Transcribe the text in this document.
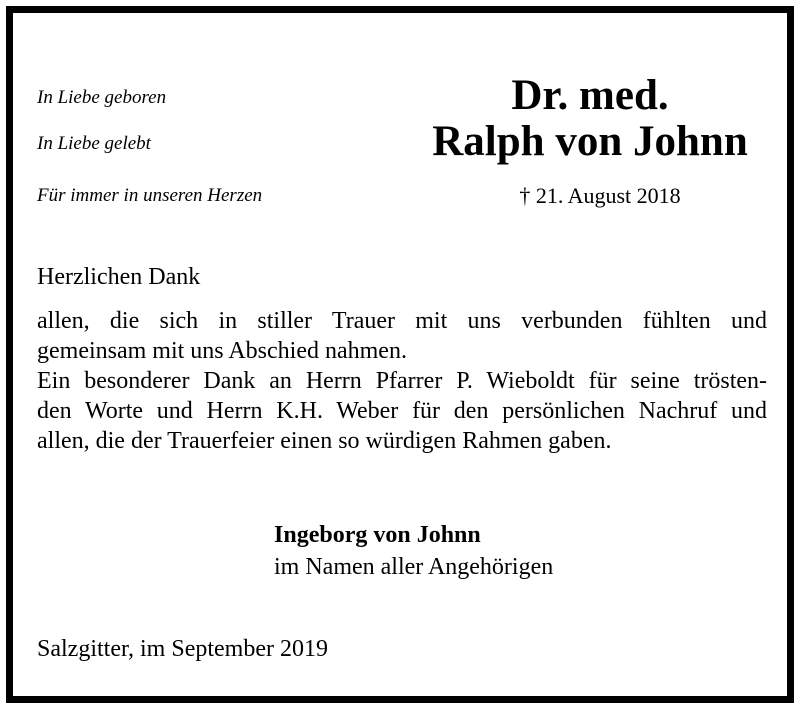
In Liebe geboren
In Liebe gelebt
Für immer in unseren Herzen
Dr. med.
Ralph von Johnn
† 21. August 2018
Herzlichen Dank
allen, die sich in stiller Trauer mit uns verbunden fühlten und
gemeinsam mit uns Abschied nahmen.
Ein besonderer Dank an Herrn Pfarrer P. Wieboldt für seine trösten-
den Worte und Herrn K.H. Weber für den persönlichen Nachruf und
allen, die der Trauerfeier einen so würdigen Rahmen gaben.
Ingeborg von Johnn
im Namen aller Angehörigen
Salzgitter, im September 2019
